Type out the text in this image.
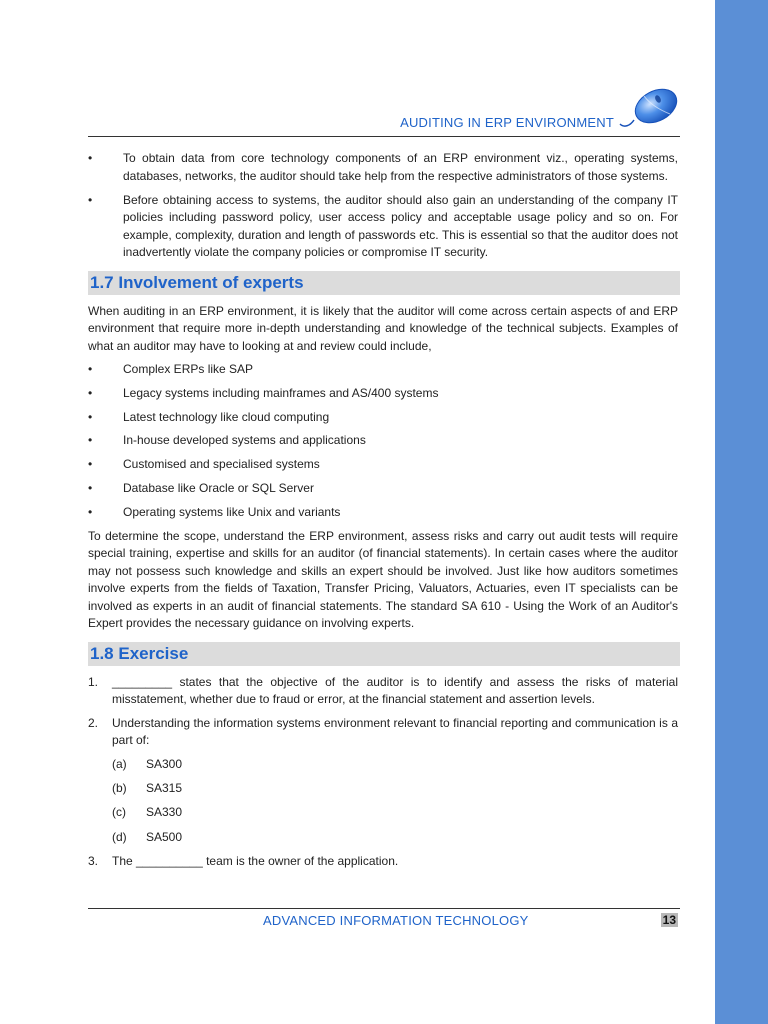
AUDITING IN ERP ENVIRONMENT
• To obtain data from core technology components of an ERP environment viz., operating systems, databases, networks, the auditor should take help from the respective administrators of those systems.
• Before obtaining access to systems, the auditor should also gain an understanding of the company IT policies including password policy, user access policy and acceptable usage policy and so on. For example, complexity, duration and length of passwords etc. This is essential so that the auditor does not inadvertently violate the company policies or compromise IT security.
1.7 Involvement of experts

When auditing in an ERP environment, it is likely that the auditor will come across certain aspects of and ERP environment that require more in-depth understanding and knowledge of the technical subjects. Examples of what an auditor may have to looking at and review could include,

• Complex ERPs like SAP
• Legacy systems including mainframes and AS/400 systems
• Latest technology like cloud computing
• In-house developed systems and applications
• Customised and specialised systems
• Database like Oracle or SQL Server
• Operating systems like Unix and variants

To determine the scope, understand the ERP environment, assess risks and carry out audit tests will require special training, expertise and skills for an auditor (of financial statements). In certain cases where the auditor may not possess such knowledge and skills an expert should be involved. Just like how auditors sometimes involve experts from the fields of Taxation, Transfer Pricing, Valuators, Actuaries, even IT specialists can be involved as experts in an audit of financial statements. The standard SA 610 - Using the Work of an Auditor's Expert provides the necessary guidance on involving experts.

1.8 Exercise
1. _________ states that the objective of the auditor is to identify and assess the risks of material misstatement, whether due to fraud or error, at the financial statement and assertion levels.
2. Understanding the information systems environment relevant to financial reporting and communication is a part of:
(a) SA300
(b) SA315
(c) SA330
(d) SA500
3. The __________ team is the owner of the application.
ADVANCED INFORMATION TECHNOLOGY	13
